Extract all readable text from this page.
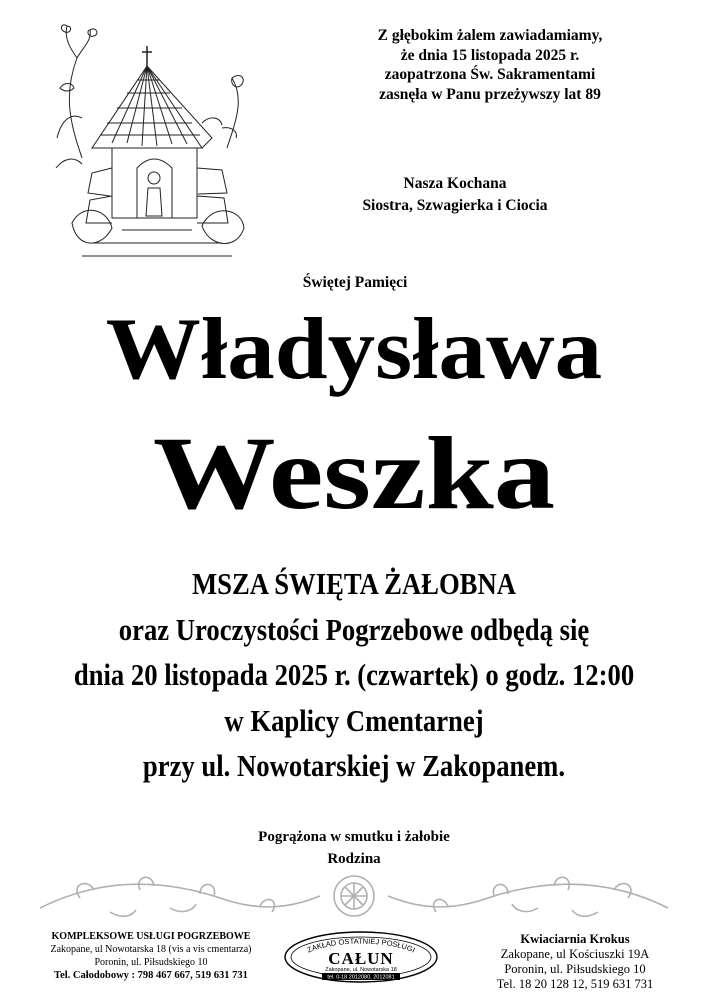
Z głębokim żalem zawiadamiamy,
że dnia 15 listopada 2025 r.
zaopatrzona Św. Sakramentami
zasnęła w Panu przeżywszy lat 89
Nasza Kochana
Siostra, Szwagierka i Ciocia
Świętej Pamięci
Władysława
Weszka
MSZA ŚWIĘTA ŻAŁOBNA
oraz Uroczystości Pogrzebowe odbędą się
dnia 20 listopada 2025 r. (czwartek) o godz. 12:00
w Kaplicy Cmentarnej
przy ul. Nowotarskiej w Zakopanem.
Pogrążona w smutku i żałobie
Rodzina
KOMPLEKSOWE USŁUGI POGRZEBOWE
Zakopane, ul Nowotarska 18 (vis a vis cmentarza)
Poronin, ul. Piłsudskiego 10
Tel. Całodobowy : 798 467 667, 519 631 731
ZAKŁAD OSTATNIEJ POSŁUGI
CAŁUN
Zakopane, ul. Nowotarska 18
tel. 0-18 2012080, 2012081
Kwiaciarnia Krokus
Zakopane, ul Kościuszki 19A
Poronin, ul. Piłsudskiego 10
Tel. 18 20 128 12, 519 631 731
